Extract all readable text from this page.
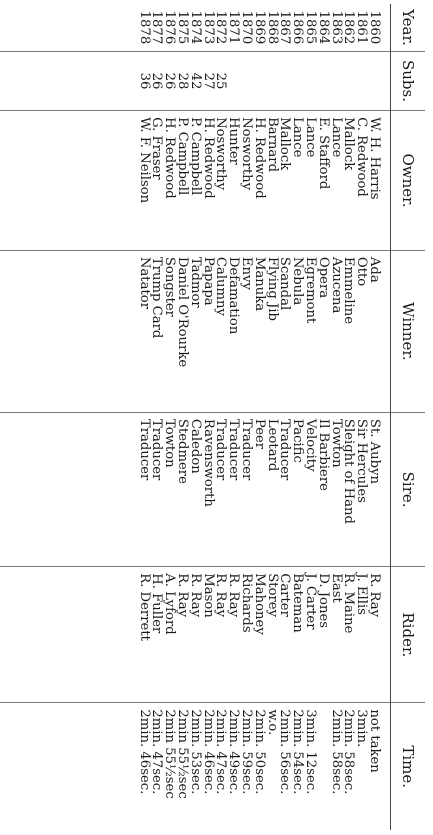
Year.	Subs.	Owner.	Winner.	Sire.	Rider.	Time.
1860		W. H. Harris	Ada	St. Aubyn	R. Ray	not taken
1861		C. Redwood	Otto	Sir Hercules	J. Ellis	3min.
1862		Mallock	Emmeline	Sleight of Hand	R. Maine	2min. 58sec.
1863		Lance	Azucena	Towton	East	2min. 58sec.
1864		E. Stafford	Opera	Il Barbiere	D. Jones	
1865		Lance	Egremont	Velocity	J. Carter	3min. 12sec.
1866		Lance	Nebula	Pacific	Bateman	2min. 54sec.
1867		Mallock	Scandal	Traducer	Carter	2min. 56sec.
1868		Barnard	Flying Jib	Leotard	Storey	w.o.
1869		H. Redwood	Manuka	Peer	Mahoney	2min. 50sec.
1870		Nosworthy	Envy	Traducer	Richards	2min. 59sec.
1871		Hunter	Defamation	Traducer	R. Ray	2min. 49sec.
1872	25	Nosworthy	Calumny	Traducer	R. Ray	2min. 47sec.
1873	27	H. Redwood	Papapa	Ravensworth	Mason	2min. 46sec.
1874	42	P. Campbell	Tadmor	Caledon	R. Ray	2min. 53sec.
1875	28	P. Campbell	Daniel O'Rourke	Stedmere	R. Ray	2min 55½sec
1876	26	H. Redwood	Songster	Towton	A. Lyford	2min 55½sec
1877	26	G. Fraser	Trump Card	Traducer	H. Fuller	2min. 47sec.
1878	36	W. F. Neilson	Natator	Traducer	R. Derrett	2min. 46sec.
